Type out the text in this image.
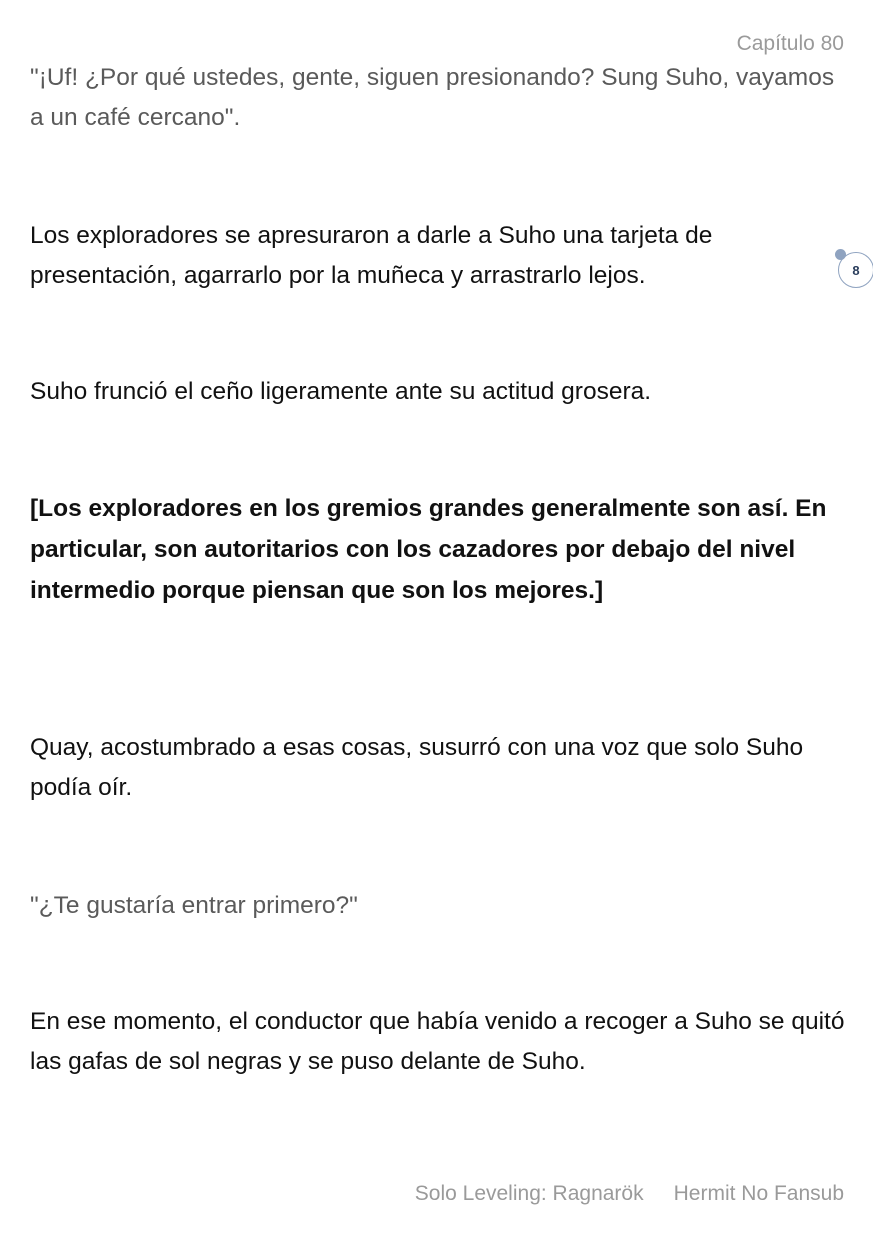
Capítulo 80

"¡Uf! ¿Por qué ustedes, gente, siguen presionando? Sung Suho, vayamos a un café cercano".

Los exploradores se apresuraron a darle a Suho una tarjeta de presentación, agarrarlo por la muñeca y arrastrarlo lejos.	8

Suho frunció el ceño ligeramente ante su actitud grosera.

[Los exploradores en los gremios grandes generalmente son así. En particular, son autoritarios con los cazadores por debajo del nivel intermedio porque piensan que son los mejores.]

Quay, acostumbrado a esas cosas, susurró con una voz que solo Suho podía oír.

"¿Te gustaría entrar primero?"

En ese momento, el conductor que había venido a recoger a Suho se quitó las gafas de sol negras y se puso delante de Suho.

Solo Leveling: Ragnarök Hermit No Fansub
